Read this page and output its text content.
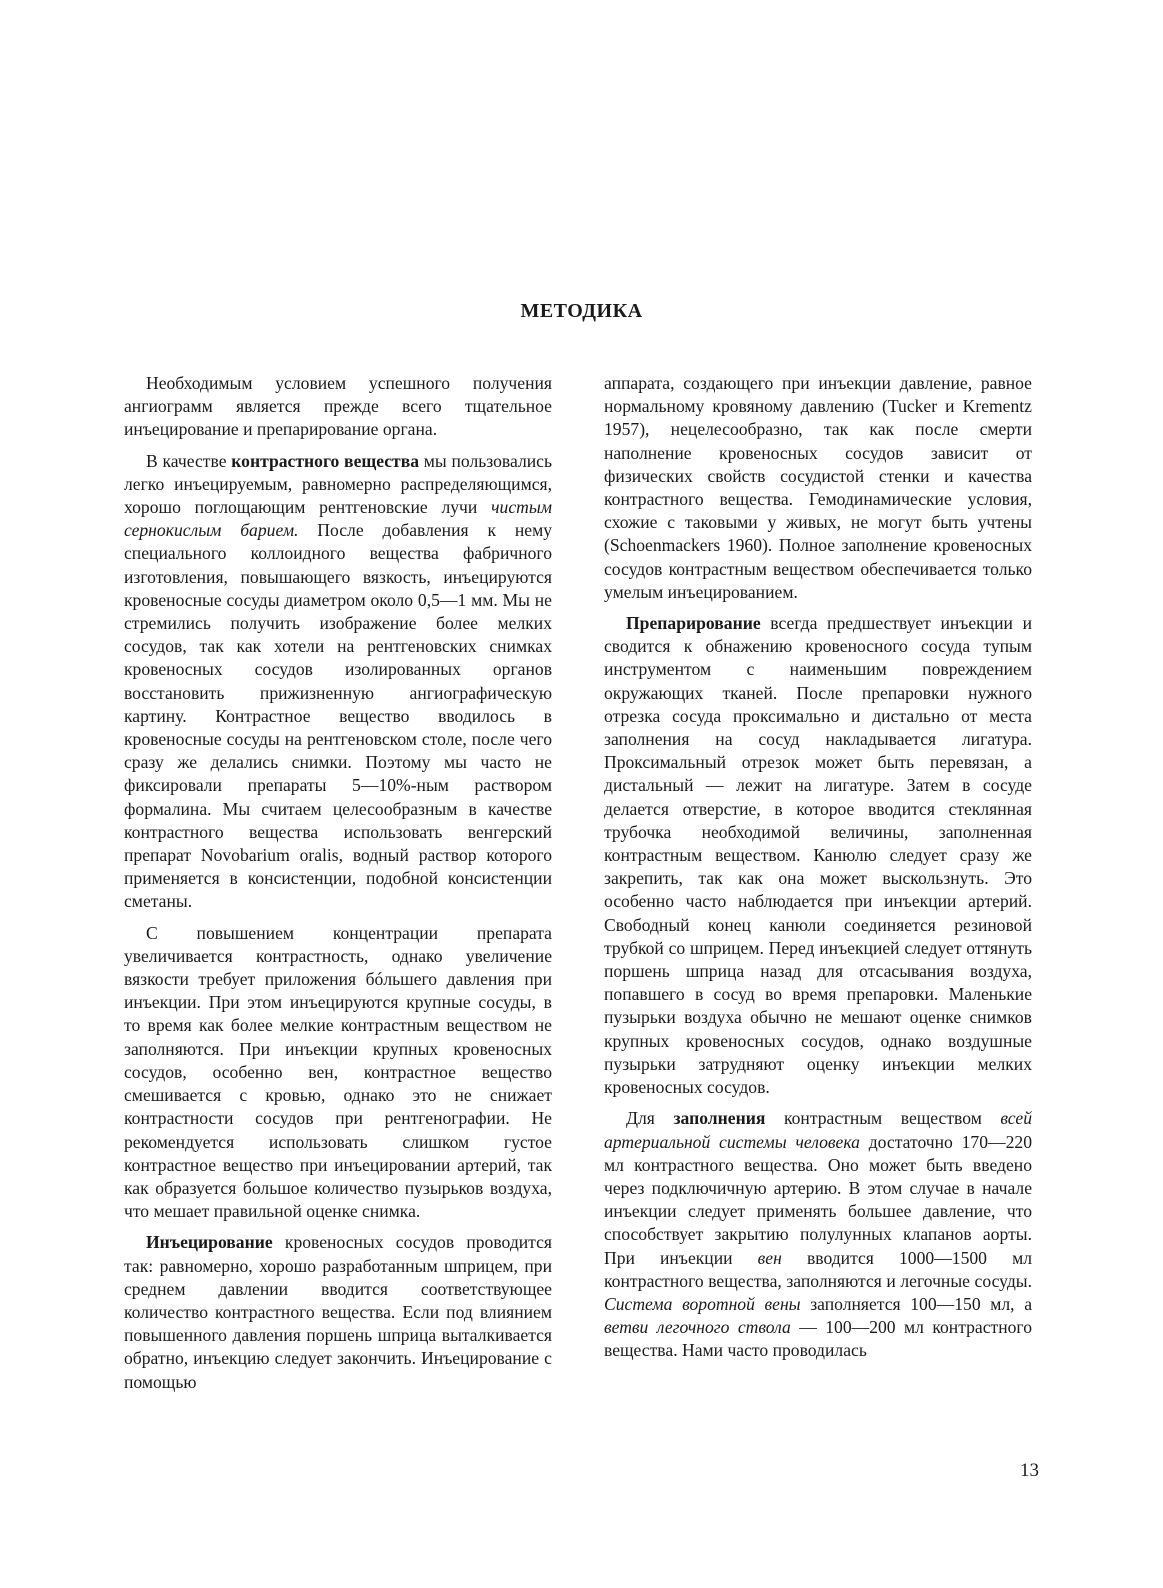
МЕТОДИКА

Необходимым условием успешного получения ангиограмм является прежде всего тщательное инъецирование и препарирование органа.

В качестве контрастного вещества мы пользовались легко инъецируемым, равномерно распределяющимся, хорошо поглощающим рентгеновские лучи чистым сернокислым барием. После добавления к нему специального коллоидного вещества фабричного изготовления, повышающего вязкость, инъецируются кровеносные сосуды диаметром около 0,5—1 мм. Мы не стремились получить изображение более мелких сосудов, так как хотели на рентгеновских снимках кровеносных сосудов изолированных органов восстановить прижизненную ангиографическую картину. Контрастное вещество вводилось в кровеносные сосуды на рентгеновском столе, после чего сразу же делались снимки. Поэтому мы часто не фиксировали препараты 5—10%-ным раствором формалина. Мы считаем целесообразным в качестве контрастного вещества использовать венгерский препарат Novobarium oralis, водный раствор которого применяется в консистенции, подобной консистенции сметаны.

С повышением концентрации препарата увеличивается контрастность, однако увеличение вязкости требует приложения бóльшего давления при инъекции. При этом инъецируются крупные сосуды, в то время как более мелкие контрастным веществом не заполняются. При инъекции крупных кровеносных сосудов, особенно вен, контрастное вещество смешивается с кровью, однако это не снижает контрастности сосудов при рентгенографии. Не рекомендуется использовать слишком густое контрастное вещество при инъецировании артерий, так как образуется большое количество пузырьков воздуха, что мешает правильной оценке снимка.

Инъецирование кровеносных сосудов проводится так: равномерно, хорошо разработанным шприцем, при среднем давлении вводится соответствующее количество контрастного вещества. Если под влиянием повышенного давления поршень шприца выталкивается обратно, инъекцию следует закончить. Инъецирование с помощью

аппарата, создающего при инъекции давление, равное нормальному кровяному давлению (Tucker и Krementz 1957), нецелесообразно, так как после смерти наполнение кровеносных сосудов зависит от физических свойств сосудистой стенки и качества контрастного вещества. Гемодинамические условия, схожие с таковыми у живых, не могут быть учтены (Schoenmackers 1960). Полное заполнение кровеносных сосудов контрастным веществом обеспечивается только умелым инъецированием.

Препарирование всегда предшествует инъекции и сводится к обнажению кровеносного сосуда тупым инструментом с наименьшим повреждением окружающих тканей. После препаровки нужного отрезка сосуда проксимально и дистально от места заполнения на сосуд накладывается лигатура. Проксимальный отрезок может быть перевязан, а дистальный — лежит на лигатуре. Затем в сосуде делается отверстие, в которое вводится стеклянная трубочка необходимой величины, заполненная контрастным веществом. Канюлю следует сразу же закрепить, так как она может выскользнуть. Это особенно часто наблюдается при инъекции артерий. Свободный конец канюли соединяется резиновой трубкой со шприцем. Перед инъекцией следует оттянуть поршень шприца назад для отсасывания воздуха, попавшего в сосуд во время препаровки. Маленькие пузырьки воздуха обычно не мешают оценке снимков крупных кровеносных сосудов, однако воздушные пузырьки затрудняют оценку инъекции мелких кровеносных сосудов.

Для заполнения контрастным веществом всей артериальной системы человека достаточно 170—220 мл контрастного вещества. Оно может быть введено через подключичную артерию. В этом случае в начале инъекции следует применять большее давление, что способствует закрытию полулунных клапанов аорты. При инъекции вен вводится 1000—1500 мл контрастного вещества, заполняются и легочные сосуды. Система воротной вены заполняется 100—150 мл, а ветви легочного ствола — 100—200 мл контрастного вещества. Нами часто проводилась

13
